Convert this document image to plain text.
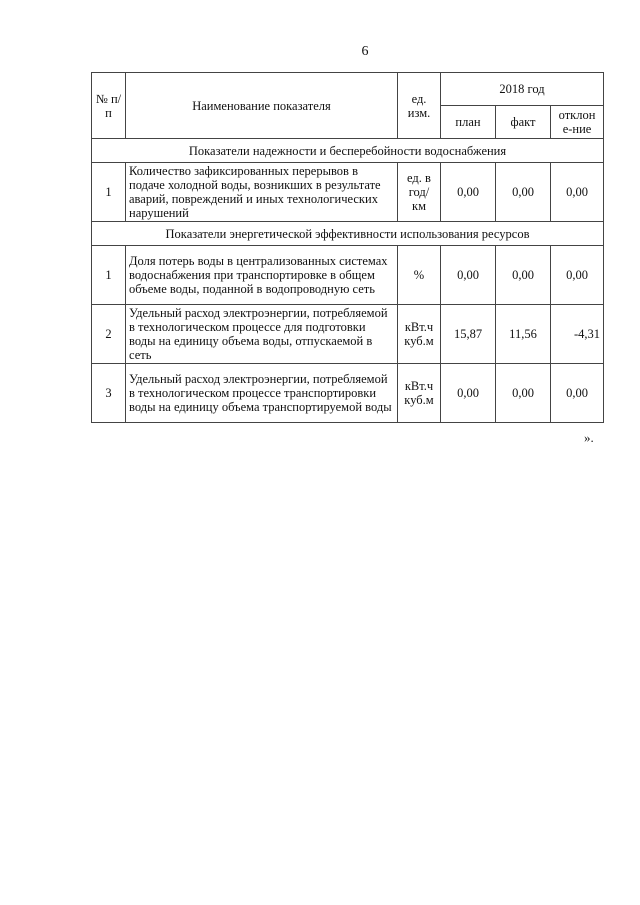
6
№ п/п	Наименование показателя	ед. изм.	2018 год		
			план	факт	отклон е-ние
Показатели надежности и бесперебойности водоснабжения					
1	Количество зафиксированных перерывов в подаче холодной воды, возникших в результате аварий, повреждений и иных технологических нарушений	ед. в год/ км	0,00	0,00	0,00
Показатели энергетической эффективности использования ресурсов					
1	Доля потерь воды в централизованных системах водоснабжения при транспортировке в общем объеме воды, поданной в водопроводную сеть	%	0,00	0,00	0,00
2	Удельный расход электроэнергии, потребляемой в технологическом процессе для подготовки воды на единицу объема воды, отпускаемой в сеть	кВт.ч куб.м	15,87	11,56	-4,31
3	Удельный расход электроэнергии, потребляемой в технологическом процессе транспортировки воды на единицу объема транспортируемой воды	кВт.ч куб.м	0,00	0,00	0,00
».
